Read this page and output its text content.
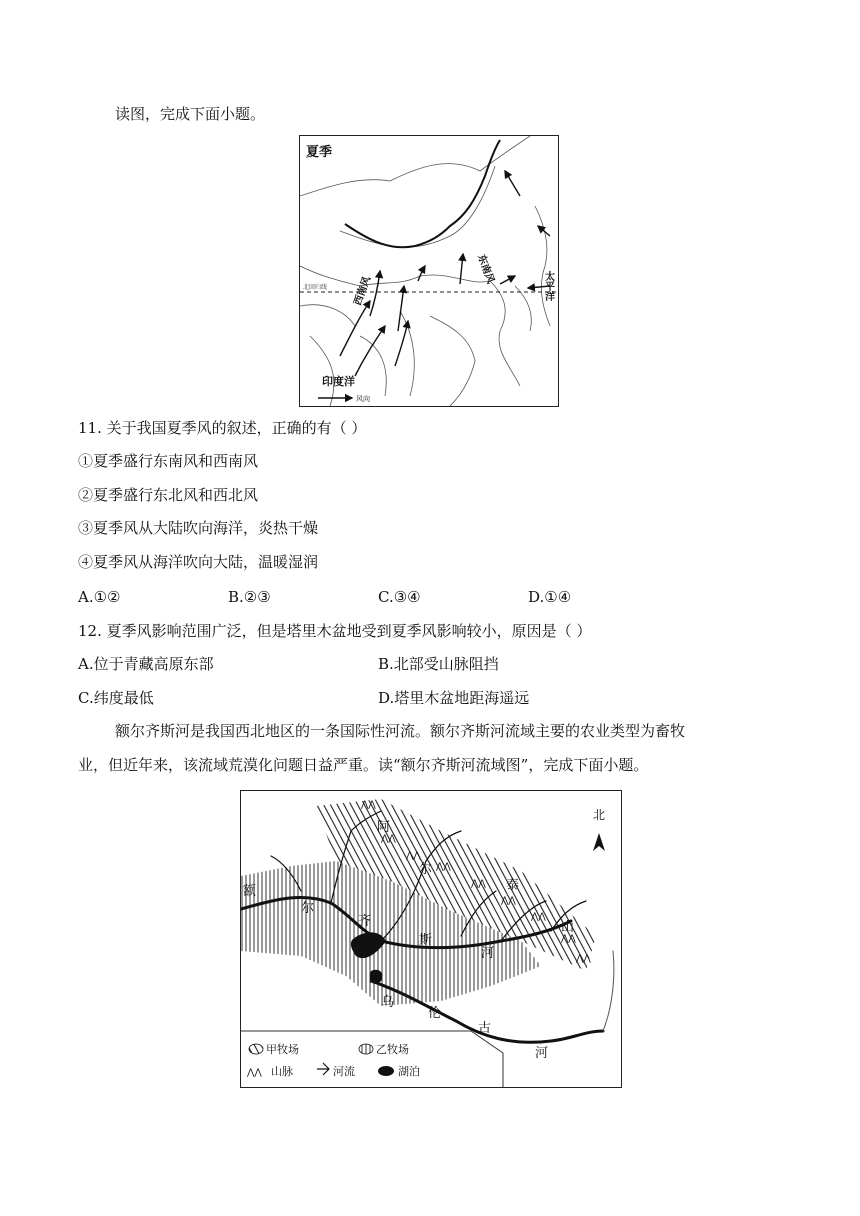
读图，完成下面小题。
北回归线
夏季
西南风
东南风
太平洋
印度洋
风向
11. 关于我国夏季风的叙述，正确的有（ ）
①夏季盛行东南风和西南风
②夏季盛行东北风和西北风
③夏季风从大陆吹向海洋，炎热干燥
④夏季风从海洋吹向大陆，温暖湿润
A.①②	B.②③	C.③④	D.①④
12. 夏季风影响范围广泛，但是塔里木盆地受到夏季风影响较小，原因是（ ）
A.位于青藏高原东部	B.北部受山脉阻挡
C.纬度最低	D.塔里木盆地距海遥远
额尔齐斯河是我国西北地区的一条国际性河流。额尔齐斯河流域主要的农业类型为畜牧
业，但近年来，该流域荒漠化问题日益严重。读“额尔齐斯河流域图”，完成下面小题。
⋀⋀
⋀⋀
⋀⋀
⋀⋀
⋀⋀
⋀⋀
⋀⋀
⋀⋀
⋀⋀
阿
尔
泰
山
额
尔
齐
斯
河
乌
伦
古
河
北
甲牧场	乙牧场
⋀⋀ 山脉	河流	湖泊
